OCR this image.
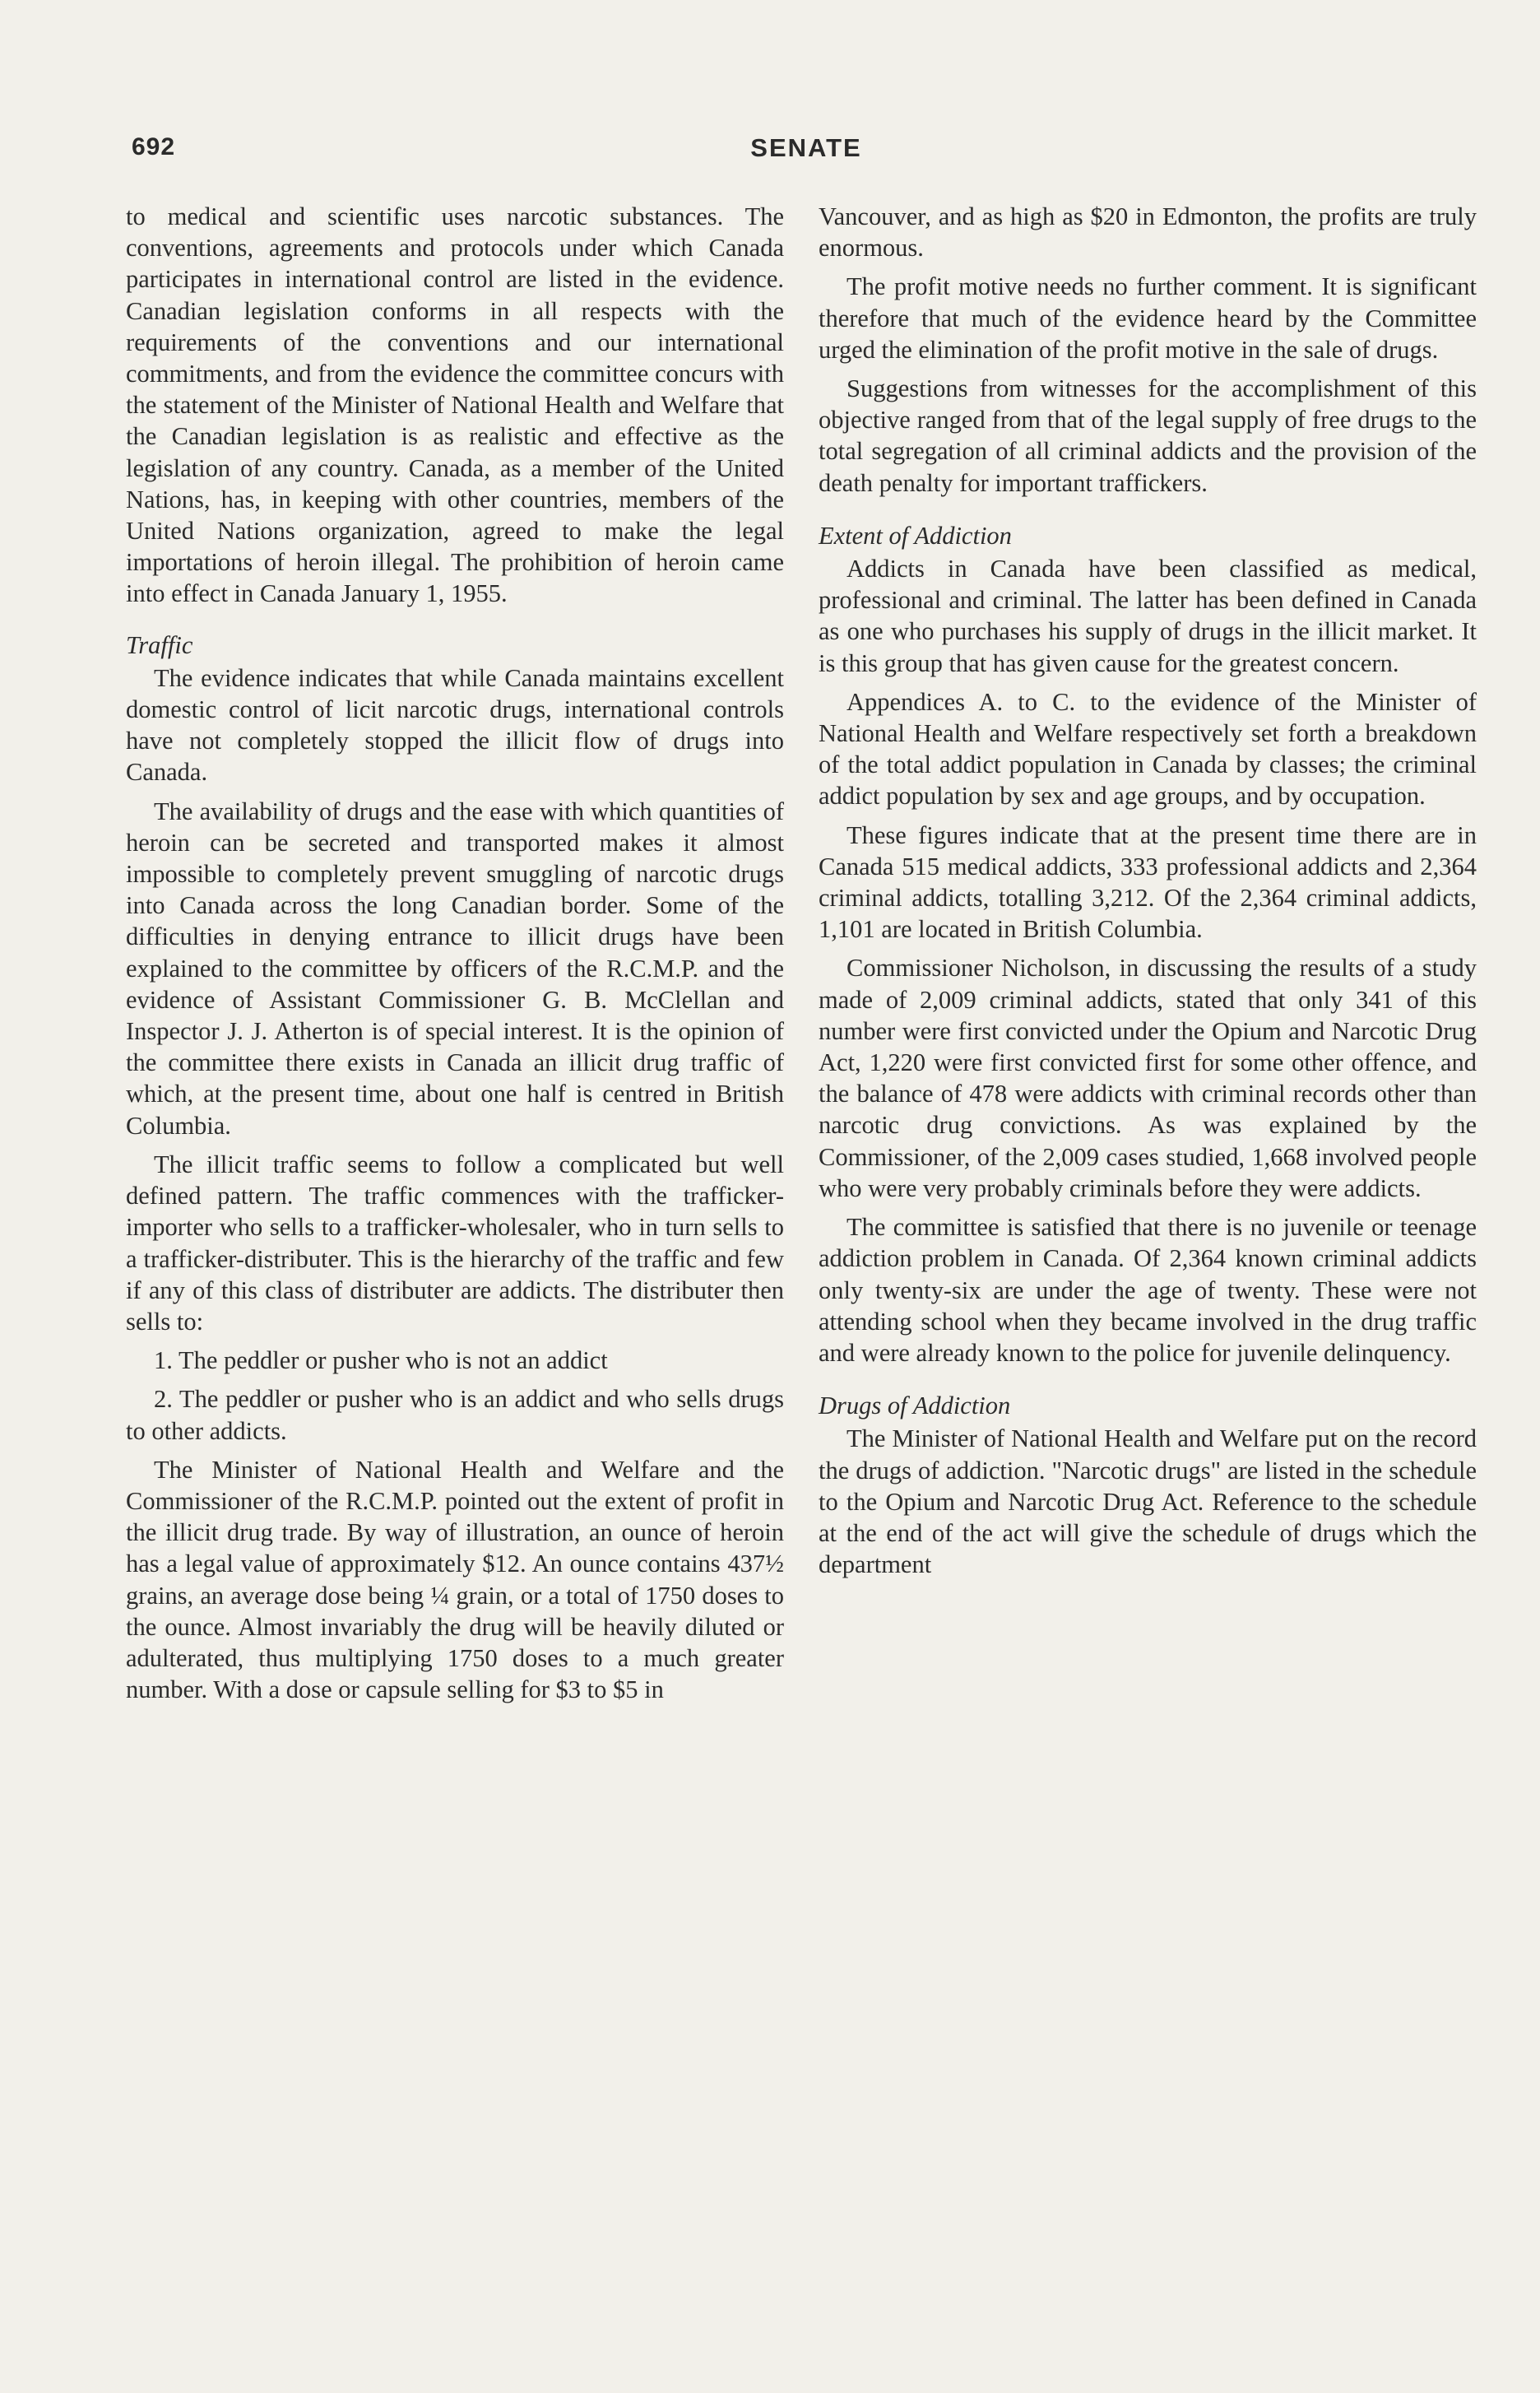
692	SENATE

to medical and scientific uses narcotic substances. The conventions, agreements and protocols under which Canada participates in international control are listed in the evidence. Canadian legislation conforms in all respects with the requirements of the conventions and our international commitments, and from the evidence the committee concurs with the statement of the Minister of National Health and Welfare that the Canadian legislation is as realistic and effective as the legislation of any country. Canada, as a member of the United Nations, has, in keeping with other countries, members of the United Nations organization, agreed to make the legal importations of heroin illegal. The prohibition of heroin came into effect in Canada January 1, 1955.

Traffic

The evidence indicates that while Canada maintains excellent domestic control of licit narcotic drugs, international controls have not completely stopped the illicit flow of drugs into Canada.

The availability of drugs and the ease with which quantities of heroin can be secreted and transported makes it almost impossible to completely prevent smuggling of narcotic drugs into Canada across the long Canadian border. Some of the difficulties in denying entrance to illicit drugs have been explained to the committee by officers of the R.C.M.P. and the evidence of Assistant Commissioner G. B. McClellan and Inspector J. J. Atherton is of special interest. It is the opinion of the committee there exists in Canada an illicit drug traffic of which, at the present time, about one half is centred in British Columbia.

The illicit traffic seems to follow a complicated but well defined pattern. The traffic commences with the trafficker-importer who sells to a trafficker-wholesaler, who in turn sells to a trafficker-distributer. This is the hierarchy of the traffic and few if any of this class of distributer are addicts. The distributer then sells to:

1. The peddler or pusher who is not an addict

2. The peddler or pusher who is an addict and who sells drugs to other addicts.

The Minister of National Health and Welfare and the Commissioner of the R.C.M.P. pointed out the extent of profit in the illicit drug trade. By way of illustration, an ounce of heroin has a legal value of approximately $12. An ounce contains 437½ grains, an average dose being ¼ grain, or a total of 1750 doses to the ounce. Almost invariably the drug will be heavily diluted or adulterated, thus multiplying 1750 doses to a much greater number. With a dose or capsule selling for $3 to $5 in

Vancouver, and as high as $20 in Edmonton, the profits are truly enormous.

The profit motive needs no further comment. It is significant therefore that much of the evidence heard by the Committee urged the elimination of the profit motive in the sale of drugs.

Suggestions from witnesses for the accomplishment of this objective ranged from that of the legal supply of free drugs to the total segregation of all criminal addicts and the provision of the death penalty for important traffickers.

Extent of Addiction

Addicts in Canada have been classified as medical, professional and criminal. The latter has been defined in Canada as one who purchases his supply of drugs in the illicit market. It is this group that has given cause for the greatest concern.

Appendices A. to C. to the evidence of the Minister of National Health and Welfare respectively set forth a breakdown of the total addict population in Canada by classes; the criminal addict population by sex and age groups, and by occupation.

These figures indicate that at the present time there are in Canada 515 medical addicts, 333 professional addicts and 2,364 criminal addicts, totalling 3,212. Of the 2,364 criminal addicts, 1,101 are located in British Columbia.

Commissioner Nicholson, in discussing the results of a study made of 2,009 criminal addicts, stated that only 341 of this number were first convicted under the Opium and Narcotic Drug Act, 1,220 were first convicted first for some other offence, and the balance of 478 were addicts with criminal records other than narcotic drug convictions. As was explained by the Commissioner, of the 2,009 cases studied, 1,668 involved people who were very probably criminals before they were addicts.

The committee is satisfied that there is no juvenile or teenage addiction problem in Canada. Of 2,364 known criminal addicts only twenty-six are under the age of twenty. These were not attending school when they became involved in the drug traffic and were already known to the police for juvenile delinquency.

Drugs of Addiction

The Minister of National Health and Welfare put on the record the drugs of addiction. "Narcotic drugs" are listed in the schedule to the Opium and Narcotic Drug Act. Reference to the schedule at the end of the act will give the schedule of drugs which the department
